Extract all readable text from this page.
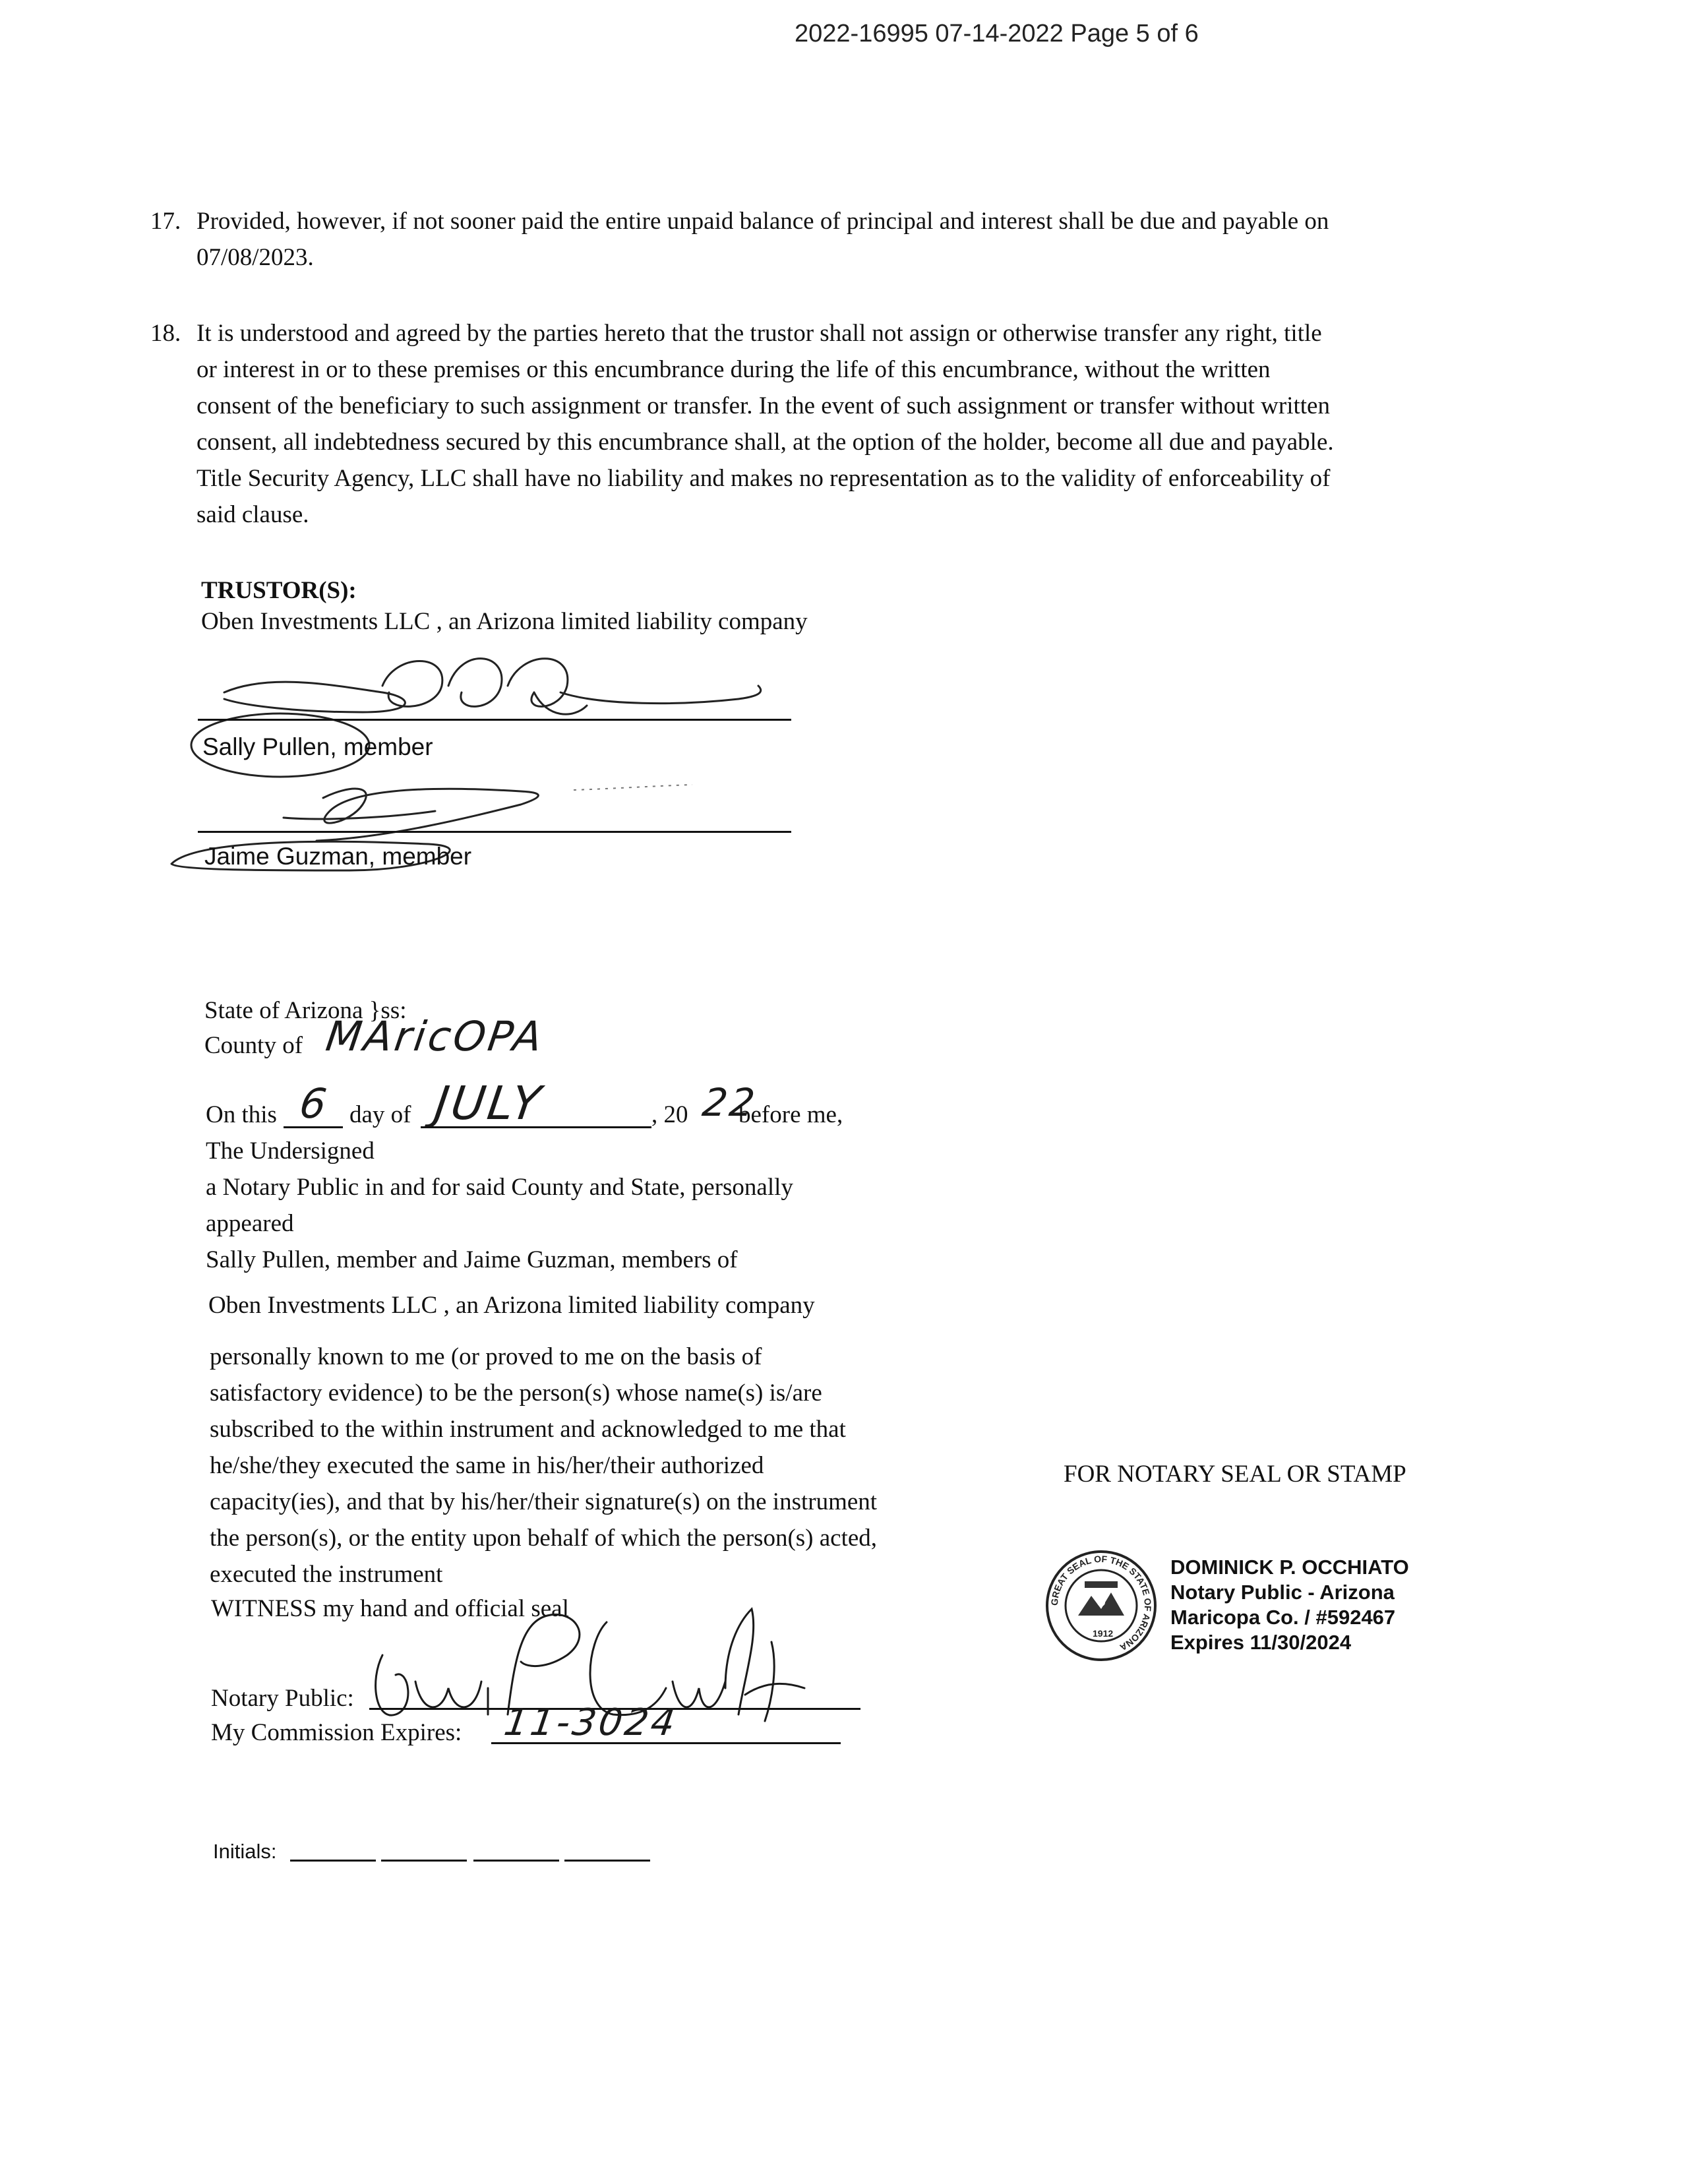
2022-16995 07-14-2022 Page 5 of 6
17. Provided, however, if not sooner paid the entire unpaid balance of principal and interest shall be due and payable on
07/08/2023.
18. It is understood and agreed by the parties hereto that the trustor shall not assign or otherwise transfer any right, title
or interest in or to these premises or this encumbrance during the life of this encumbrance, without the written
consent of the beneficiary to such assignment or transfer. In the event of such assignment or transfer without written
consent, all indebtedness secured by this encumbrance shall, at the option of the holder, become all due and payable.
Title Security Agency, LLC shall have no liability and makes no representation as to the validity of enforceability of
said clause.
TRUSTOR(S):
Oben Investments LLC , an Arizona limited liability company
Sally Pullen, member
Jaime Guzman, member
State of Arizona }ss:
County of MAricOPA
On this 6 day of JULY	, 20 22
before me,
The Undersigned
a Notary Public in and for said County and State, personally
appeared
Sally Pullen, member and Jaime Guzman, members of
Oben Investments LLC , an Arizona limited liability company
personally known to me (or proved to me on the basis of
satisfactory evidence) to be the person(s) whose name(s) is/are
subscribed to the within instrument and acknowledged to me that
he/she/they executed the same in his/her/their authorized
capacity(ies), and that by his/her/their signature(s) on the instrument
the person(s), or the entity upon behalf of which the person(s) acted,
executed the instrument
WITNESS my hand and official seal
Notary Public:
My Commission Expires: 11-3024
FOR NOTARY SEAL OR STAMP
GREAT SEAL OF THE STATE OF ARIZONA
1912
DOMINICK P. OCCHIATO
Notary Public - Arizona
Maricopa Co. / #592467
Expires 11/30/2024
Initials:
